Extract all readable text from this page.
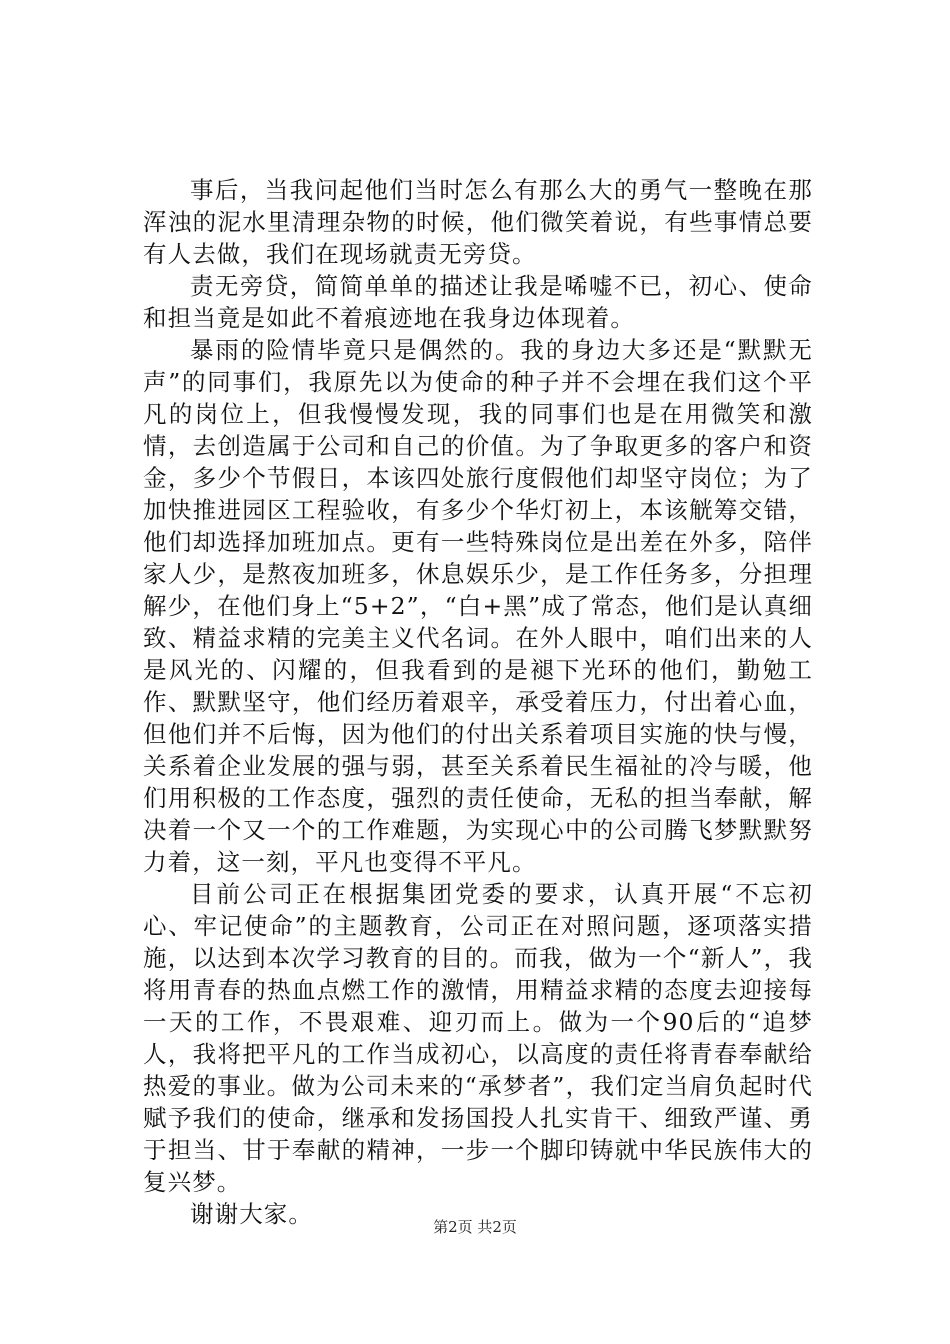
事后，当我问起他们当时怎么有那么大的勇气一整晚在那浑浊的泥水里清理杂物的时候，他们微笑着说，有些事情总要有人去做，我们在现场就责无旁贷。

责无旁贷，简简单单的描述让我是唏嘘不已，初心、使命和担当竟是如此不着痕迹地在我身边体现着。

暴雨的险情毕竟只是偶然的。我的身边大多还是“默默无声”的同事们，我原先以为使命的种子并不会埋在我们这个平凡的岗位上，但我慢慢发现，我的同事们也是在用微笑和激情，去创造属于公司和自己的价值。为了争取更多的客户和资金，多少个节假日，本该四处旅行度假他们却坚守岗位；为了加快推进园区工程验收，有多少个华灯初上，本该觥筹交错，他们却选择加班加点。更有一些特殊岗位是出差在外多，陪伴家人少，是熬夜加班多，休息娱乐少，是工作任务多，分担理解少，在他们身上“5+2”，“白+黑”成了常态，他们是认真细致、精益求精的完美主义代名词。在外人眼中，咱们出来的人是风光的、闪耀的，但我看到的是褪下光环的他们，勤勉工作、默默坚守，他们经历着艰辛，承受着压力，付出着心血，但他们并不后悔，因为他们的付出关系着项目实施的快与慢，关系着企业发展的强与弱，甚至关系着民生福祉的冷与暖，他们用积极的工作态度，强烈的责任使命，无私的担当奉献，解决着一个又一个的工作难题，为实现心中的公司腾飞梦默默努力着，这一刻，平凡也变得不平凡。

目前公司正在根据集团党委的要求，认真开展“不忘初心、牢记使命”的主题教育，公司正在对照问题，逐项落实措施，以达到本次学习教育的目的。而我，做为一个“新人”，我将用青春的热血点燃工作的激情，用精益求精的态度去迎接每一天的工作，不畏艰难、迎刃而上。做为一个90后的“追梦人，我将把平凡的工作当成初心，以高度的责任将青春奉献给热爱的事业。做为公司未来的“承梦者”，我们定当肩负起时代赋予我们的使命，继承和发扬国投人扎实肯干、细致严谨、勇于担当、甘于奉献的精神，一步一个脚印铸就中华民族伟大的复兴梦。

谢谢大家。	第2页 共2页
